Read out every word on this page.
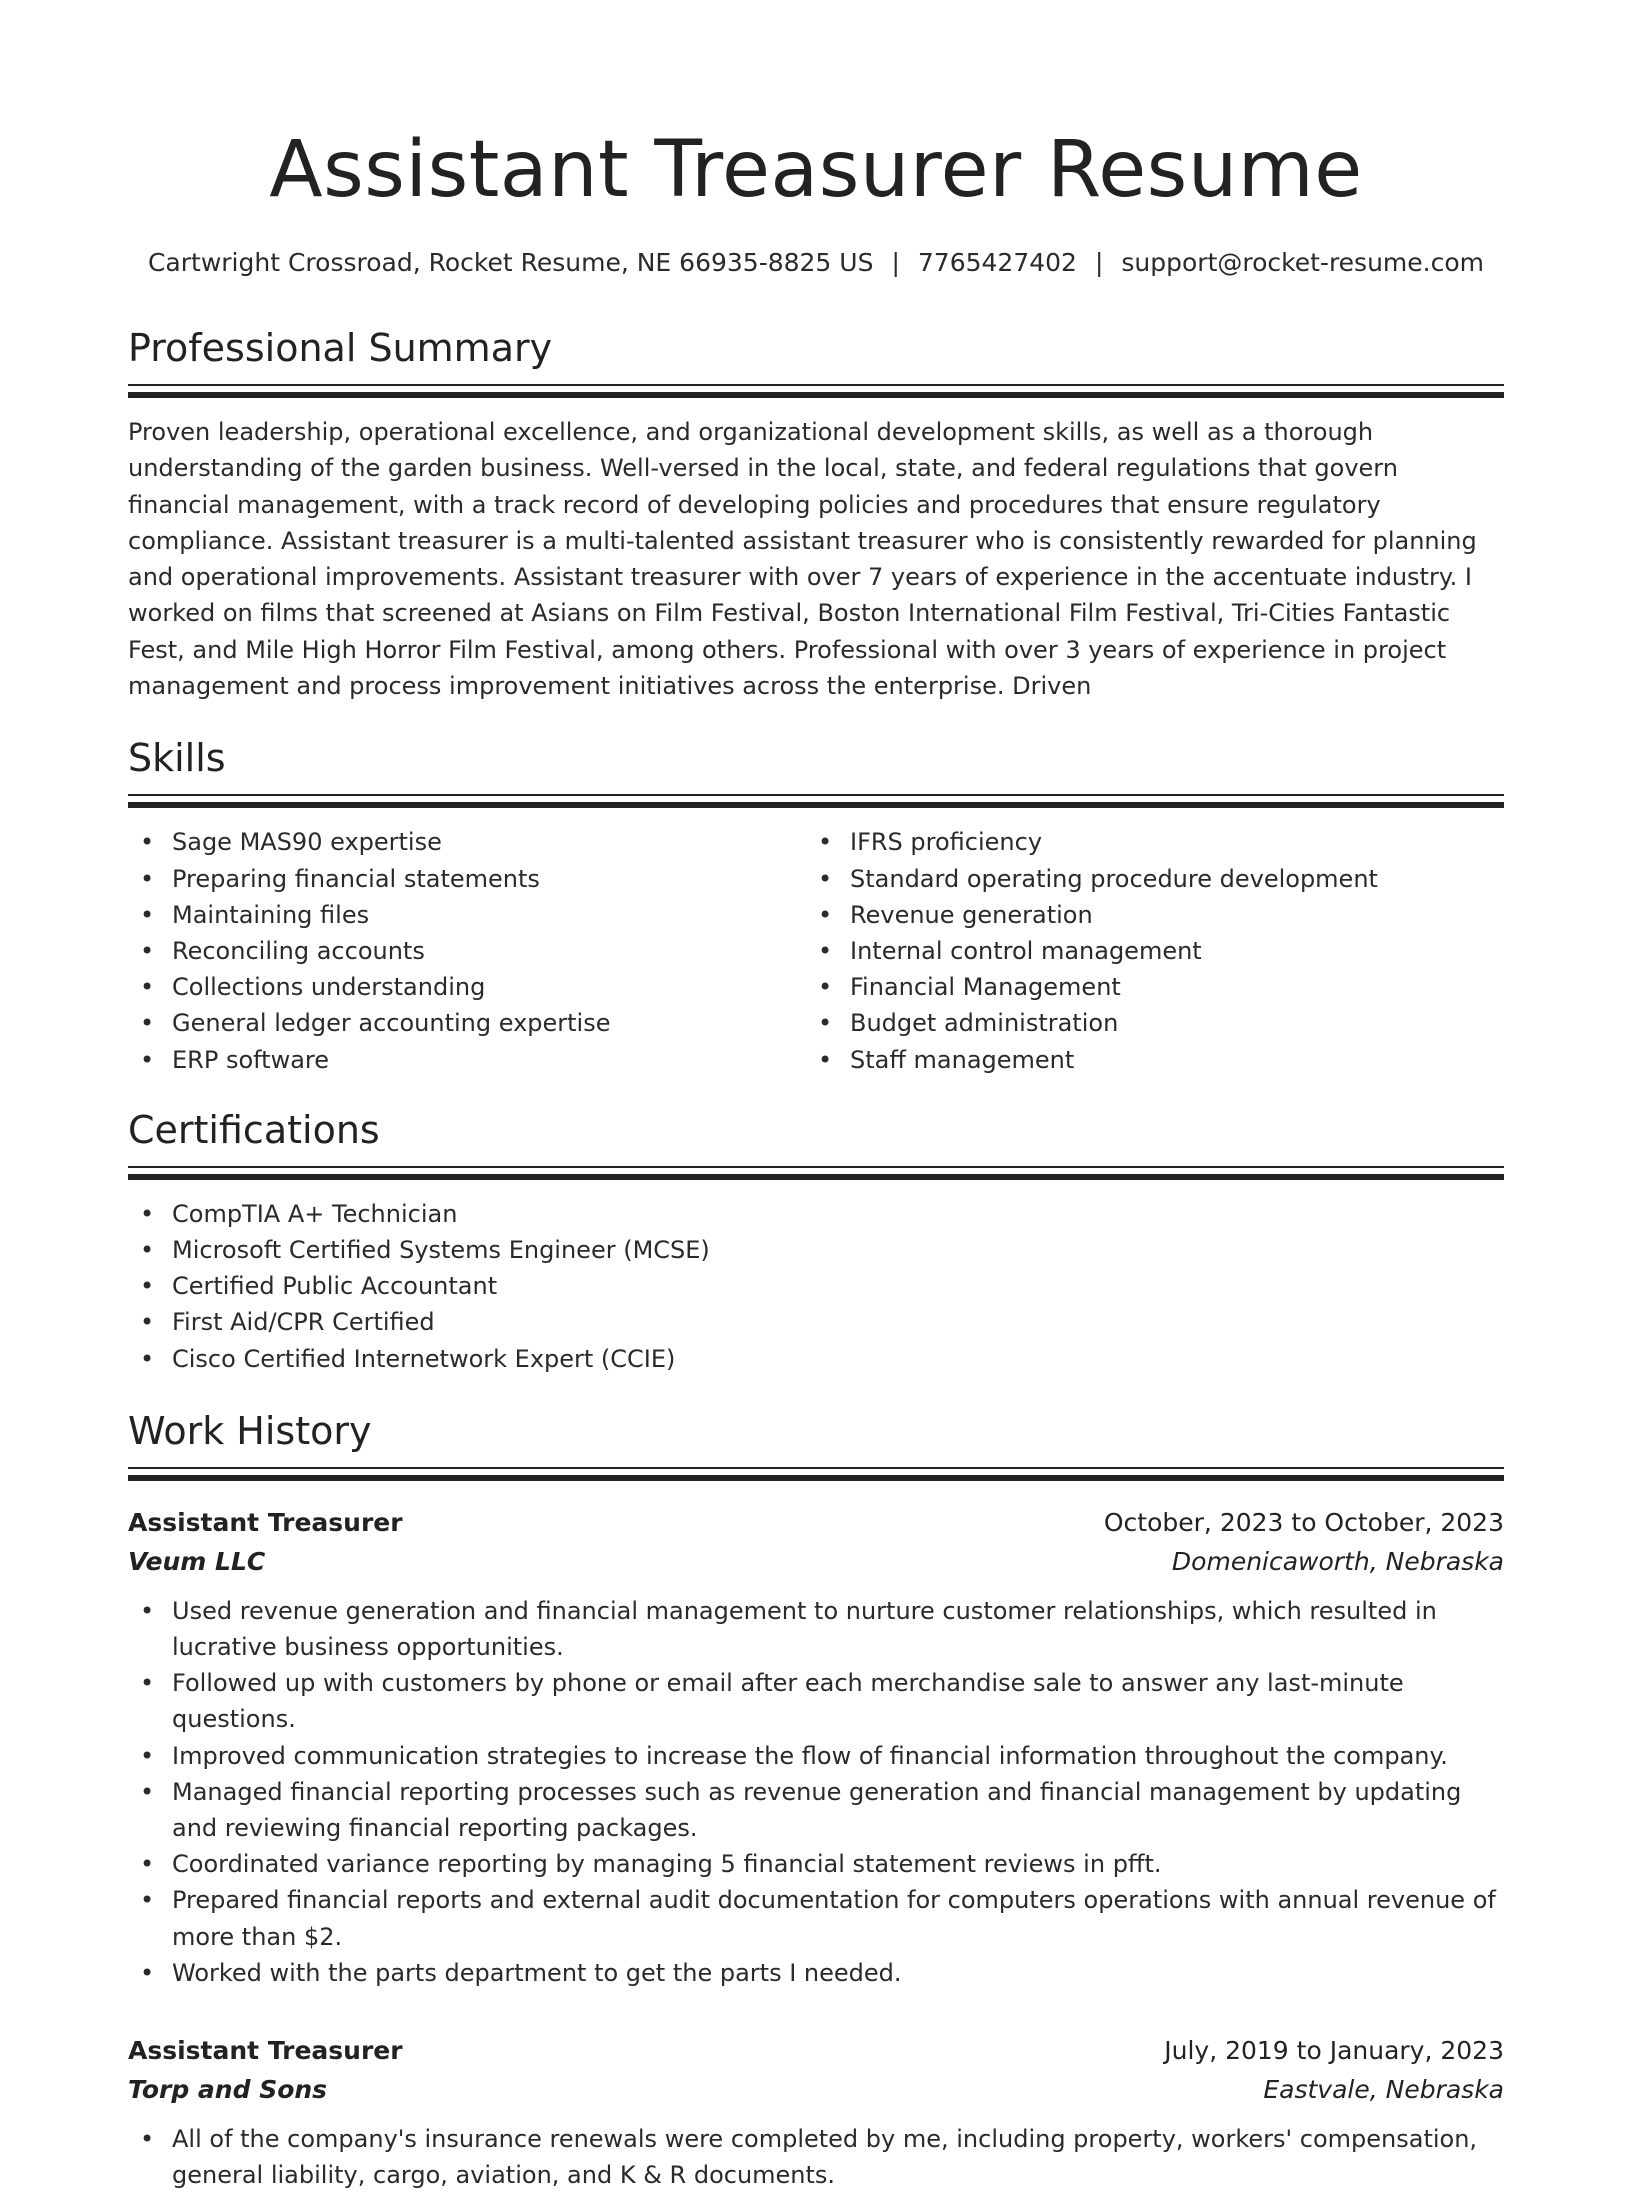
Assistant Treasurer Resume
Cartwright Crossroad, Rocket Resume, NE 66935-8825 US | 7765427402 | support@rocket-resume.com
Professional Summary

Proven leadership, operational excellence, and organizational development skills, as well as a thorough understanding of the garden business. Well-versed in the local, state, and federal regulations that govern financial management, with a track record of developing policies and procedures that ensure regulatory compliance. Assistant treasurer is a multi-talented assistant treasurer who is consistently rewarded for planning and operational improvements. Assistant treasurer with over 7 years of experience in the accentuate industry. I worked on films that screened at Asians on Film Festival, Boston International Film Festival, Tri-Cities Fantastic Fest, and Mile High Horror Film Festival, among others. Professional with over 3 years of experience in project management and process improvement initiatives across the enterprise. Driven

Skills
• Sage MAS90 expertise
• Preparing financial statements
• Maintaining files
• Reconciling accounts
• Collections understanding
• General ledger accounting expertise
• ERP software
• IFRS proficiency
• Standard operating procedure development
• Revenue generation
• Internal control management
• Financial Management
• Budget administration
• Staff management
Certifications
• CompTIA A+ Technician
• Microsoft Certified Systems Engineer (MCSE)
• Certified Public Accountant
• First Aid/CPR Certified
• Cisco Certified Internetwork Expert (CCIE)
Work History
Assistant Treasurer	October, 2023 to October, 2023
Veum LLC	Domenicaworth, Nebraska
• Used revenue generation and financial management to nurture customer relationships, which resulted in lucrative business opportunities.
• Followed up with customers by phone or email after each merchandise sale to answer any last-minute questions.
• Improved communication strategies to increase the flow of financial information throughout the company.
• Managed financial reporting processes such as revenue generation and financial management by updating and reviewing financial reporting packages.
• Coordinated variance reporting by managing 5 financial statement reviews in pfft.
• Prepared financial reports and external audit documentation for computers operations with annual revenue of more than $2.
• Worked with the parts department to get the parts I needed.
Assistant Treasurer	July, 2019 to January, 2023
Torp and Sons	Eastvale, Nebraska
• All of the company's insurance renewals were completed by me, including property, workers' compensation, general liability, cargo, aviation, and K & R documents.
